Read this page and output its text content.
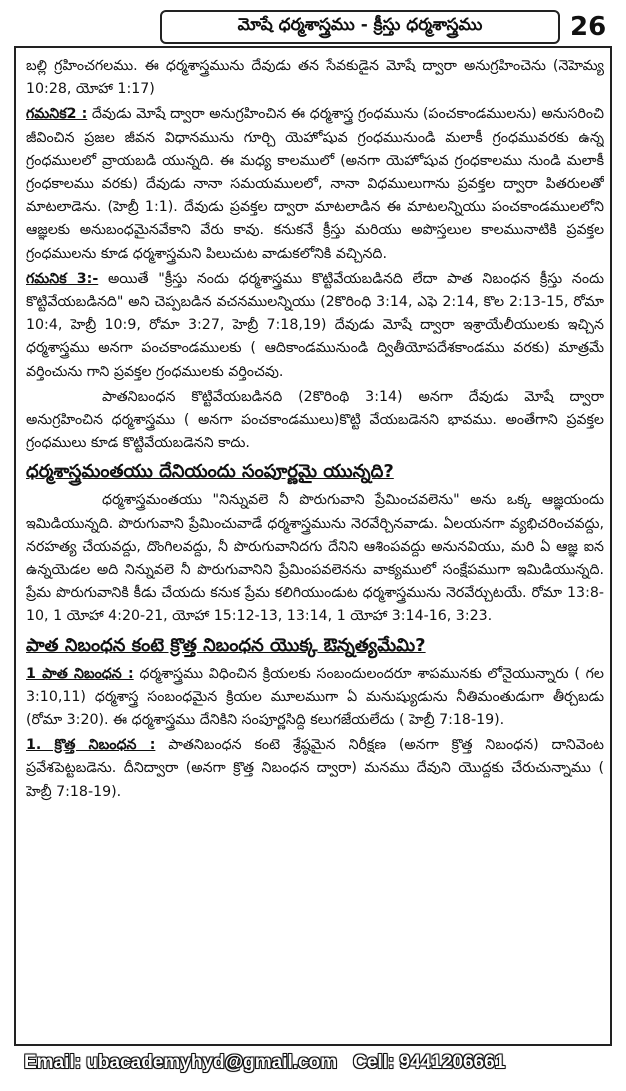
మోషే ధర్మశాస్త్రము - క్రీస్తు ధర్మశాస్త్రము	26

బల్లి గ్రహించగలము. ఈ ధర్మశాస్త్రమును దేవుడు తన సేవకుడైన మోషే ద్వారా అనుగ్రహించెను (నెహెమ్య 10:28, యోహా 1:17)

గమనిక2 : దేవుడు మోషే ద్వారా అనుగ్రహించిన ఈ ధర్మశాస్త్ర గ్రంధమును (పంచకాండములను) అనుసరించి జీవించిన ప్రజల జీవన విధానమును గూర్చి యెహోషువ గ్రంధమునుండి మలాకీ గ్రంధమువరకు ఉన్న గ్రంధములలో వ్రాయబడి యున్నది. ఈ మధ్య కాలములో (అనగా యెహోషువ గ్రంధకాలము నుండి మలాకీ గ్రంధకాలము వరకు) దేవుడు నానా సమయములలో, నానా విధములుగాను ప్రవక్తల ద్వారా పితరులతో మాటలాడెను. (హెబ్రీ 1:1). దేవుడు ప్రవక్తల ద్వారా మాటలాడిన ఈ మాటలన్నియు పంచకాండములలోని ఆజ్ఞలకు అనుబంధమైనవేకాని వేరు కావు. కనుకనే క్రీస్తు మరియు అపొస్తలుల కాలమునాటికి ప్రవక్తల గ్రంధములను కూడ ధర్మశాస్త్రమని పిలుచుట వాడుకలోనికి వచ్చినది.

గమనిక 3:- అయితే "క్రీస్తు నందు ధర్మశాస్త్రము కొట్టివేయబడినది లేదా పాత నిబంధన క్రీస్తు నందు కొట్టివేయబడినది" అని చెప్పబడిన వచనములన్నియు (2కొరింధి 3:14, ఎఫె 2:14, కొల 2:13-15, రోమా 10:4, హెబ్రీ 10:9, రోమా 3:27, హెబ్రీ 7:18,19) దేవుడు మోషే ద్వారా ఇశ్రాయేలీయులకు ఇచ్చిన ధర్మశాస్త్రము అనగా పంచకాండములకు ( ఆదికాండమునుండి ద్వితీయోపదేశకాండము వరకు) మాత్రమే వర్తించును గాని ప్రవక్తల గ్రంధములకు వర్తించవు.

పాతనిబంధన కొట్టివేయబడినది (2కొరింథి 3:14) అనగా దేవుడు మోషే ద్వారా అనుగ్రహించిన ధర్మశాస్త్రము ( అనగా పంచకాండములు)కొట్టి వేయబడెనని భావము. అంతేగాని ప్రవక్తల గ్రంధములు కూడ కొట్టివేయబడెనని కాదు.

ధర్మశాస్త్రమంతయు దేనియందు సంపూర్ణమై యున్నది?

ధర్మశాస్త్రమంతయు "నిన్నువలె నీ పొరుగువాని ప్రేమించవలెను" అను ఒక్క ఆజ్ఞయందు ఇమిడియున్నది. పొరుగువాని ప్రేమించువాడే ధర్మశాస్త్రమును నెరవేర్చినవాడు. ఏలయనగా వ్యభిచరించవద్దు, నరహత్య చేయవద్దు, దొంగిలవద్దు, నీ పొరుగువానిదగు దేనిని ఆశింపవద్దు అనునవియు, మరి ఏ ఆజ్ఞ ఐన ఉన్నయెడల అది నిన్నువలె నీ పొరుగువానిని ప్రేమింపవలెనను వాక్యములో సంక్షేపముగా ఇమిడియున్నది. ప్రేమ పొరుగువానికి కీడు చేయదు కనుక ప్రేమ కలిగియుండుట ధర్మశాస్త్రమును నెరవేర్చుటయే. రోమా 13:8-10, 1 యోహా 4:20-21, యోహా 15:12-13, 13:14, 1 యోహా 3:14-16, 3:23.

పాత నిబంధన కంటె క్రొత్త నిబంధన యొక్క ఔన్నత్యమేమి?

1 పాత నిబంధన : ధర్మశాస్త్రము విధించిన క్రియలకు సంబందులందరూ శాపమునకు లోనైయున్నారు ( గల 3:10,11) ధర్మశాస్త్ర సంబంధమైన క్రియల మూలముగా ఏ మనుష్యుడును నీతిమంతుడుగా తీర్చబడు (రోమా 3:20). ఈ ధర్మశాస్త్రము దేనికిని సంపూర్ణసిద్ది కలుగజేయలేదు ( హెబ్రీ 7:18-19).

1. క్రొత్త నిబంధన : పాతనిబంధన కంటె శ్రేష్ఠమైన నిరీక్షణ (అనగా క్రొత్త నిబంధన) దానివెంట ప్రవేశపెట్టబడెను. దీనిద్వారా (అనగా క్రొత్త నిబంధన ద్వారా) మనము దేవుని యొద్దకు చేరుచున్నాము ( హెబ్రీ 7:18-19).

Email: ubacademyhyd@gmail.com Cell: 9441206661
